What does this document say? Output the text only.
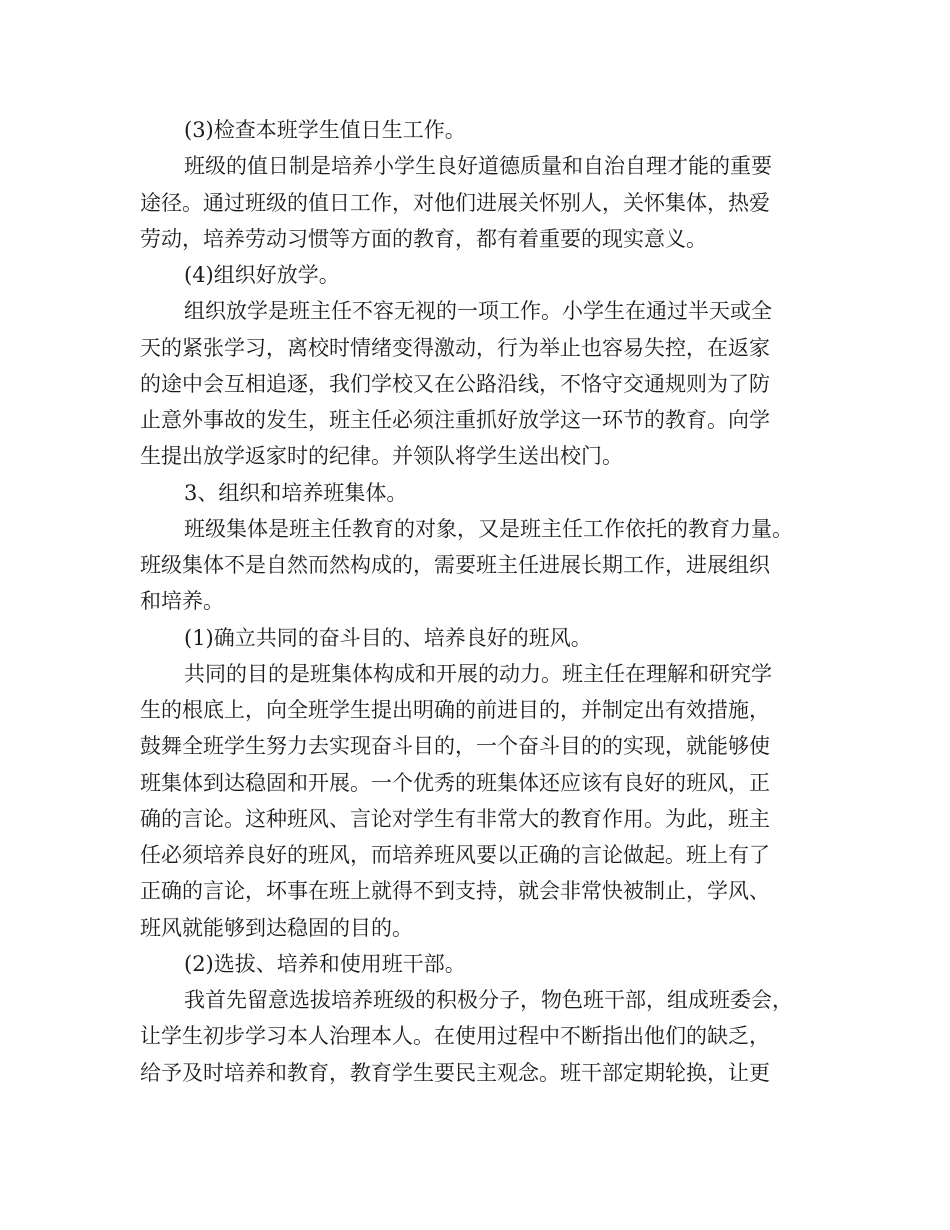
(3)检查本班学生值日生工作。
班级的值日制是培养小学生良好道德质量和自治自理才能的重要
途径。通过班级的值日工作，对他们进展关怀别人，关怀集体，热爱
劳动，培养劳动习惯等方面的教育，都有着重要的现实意义。
(4)组织好放学。
组织放学是班主任不容无视的一项工作。小学生在通过半天或全
天的紧张学习，离校时情绪变得激动，行为举止也容易失控，在返家
的途中会互相追逐，我们学校又在公路沿线，不恪守交通规则为了防
止意外事故的发生，班主任必须注重抓好放学这一环节的教育。向学
生提出放学返家时的纪律。并领队将学生送出校门。
3、组织和培养班集体。
班级集体是班主任教育的对象，又是班主任工作依托的教育力量。
班级集体不是自然而然构成的，需要班主任进展长期工作，进展组织
和培养。
(1)确立共同的奋斗目的、培养良好的班风。
共同的目的是班集体构成和开展的动力。班主任在理解和研究学
生的根底上，向全班学生提出明确的前进目的，并制定出有效措施，
鼓舞全班学生努力去实现奋斗目的，一个奋斗目的的实现，就能够使
班集体到达稳固和开展。一个优秀的班集体还应该有良好的班风，正
确的言论。这种班风、言论对学生有非常大的教育作用。为此，班主
任必须培养良好的班风，而培养班风要以正确的言论做起。班上有了
正确的言论，坏事在班上就得不到支持，就会非常快被制止，学风、
班风就能够到达稳固的目的。
(2)选拔、培养和使用班干部。
我首先留意选拔培养班级的积极分子，物色班干部，组成班委会，
让学生初步学习本人治理本人。在使用过程中不断指出他们的缺乏，
给予及时培养和教育，教育学生要民主观念。班干部定期轮换，让更
